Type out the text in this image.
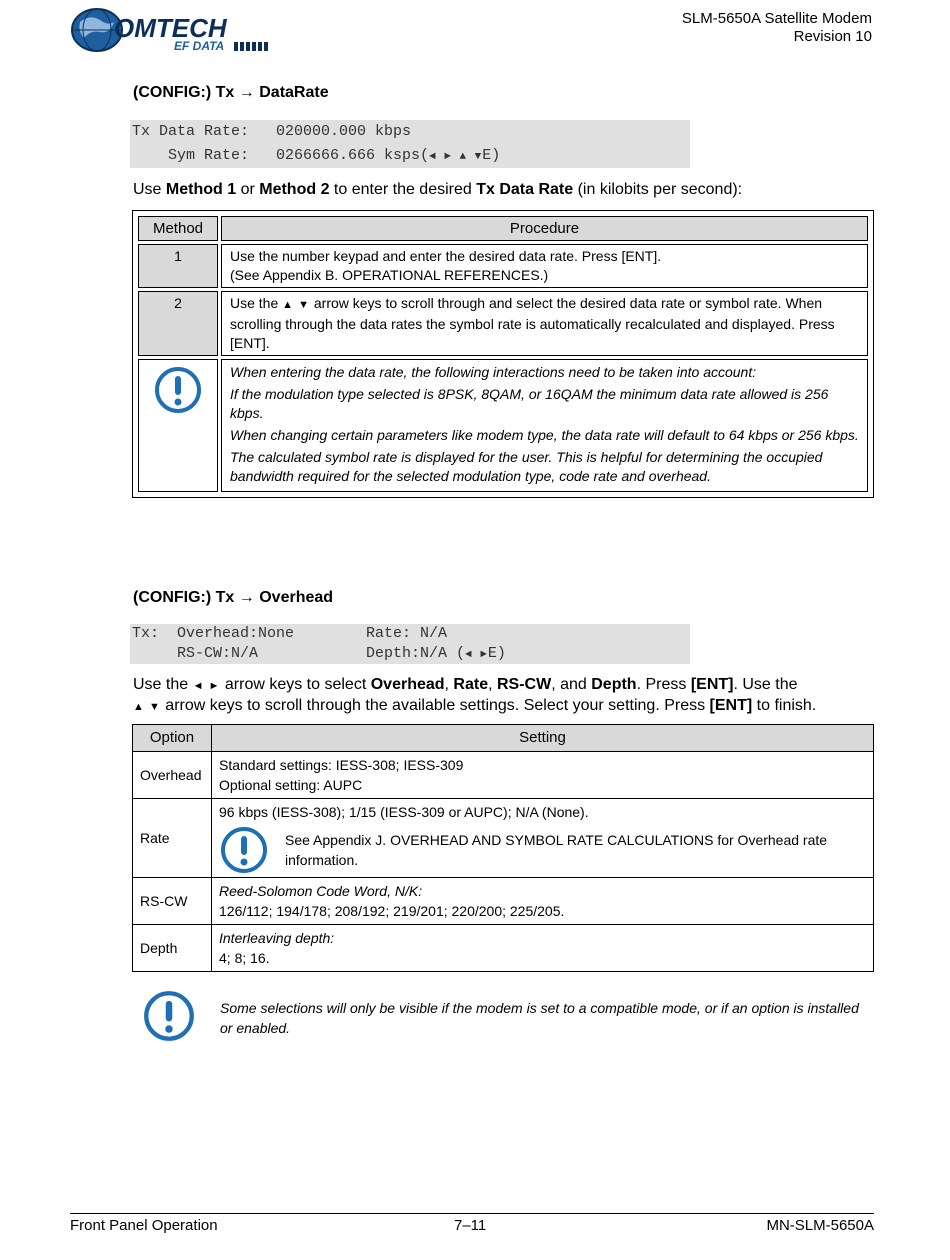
OMTECH
EF DATA
SLM-5650A Satellite Modem
Revision 10
(CONFIG:) Tx → DataRate
Tx Data Rate:   020000.000 kbps
Sym Rate:   0266666.666 ksps(◄ ► ▲ ▼E)
Use Method 1 or Method 2 to enter the desired Tx Data Rate (in kilobits per second):
Method	Procedure
1	Use the number keypad and enter the desired data rate. Press [ENT].
(See Appendix B. OPERATIONAL REFERENCES.)

2	Use the ▲ ▼ arrow keys to scroll through and select the desired data rate or symbol rate. When scrolling through the data rates the symbol rate is automatically recalculated and displayed. Press [ENT].

When entering the data rate, the following interactions need to be taken into account:
If the modulation type selected is 8PSK, 8QAM, or 16QAM the minimum data rate allowed is 256 kbps.
When changing certain parameters like modem type, the data rate will default to 64 kbps or 256 kbps.
The calculated symbol rate is displayed for the user. This is helpful for determining the occupied bandwidth required for the selected modulation type, code rate and overhead.
(CONFIG:) Tx → Overhead
Tx:  Overhead:None        Rate: N/A
RS-CW:N/A            Depth:N/A (◄ ►E)
Use the ◄ ► arrow keys to select Overhead, Rate, RS-CW, and Depth. Press [ENT]. Use the
▲ ▼ arrow keys to scroll through the available settings. Select your setting. Press [ENT] to finish.
Option	Setting
Overhead	Standard settings: IESS-308; IESS-309
Optional setting: AUPC

Rate	96 kbps (IESS-308); 1/15 (IESS-309 or AUPC); N/A (None).
See Appendix J. OVERHEAD AND SYMBOL RATE CALCULATIONS for Overhead rate information.

RS-CW	Reed-Solomon Code Word, N/K:
126/112; 194/178; 208/192; 219/201; 220/200; 225/205.

Depth	Interleaving depth:
4; 8; 16.
Some selections will only be visible if the modem is set to a compatible mode, or if an option is installed or enabled.
Front Panel Operation	7–11	MN-SLM-5650A
